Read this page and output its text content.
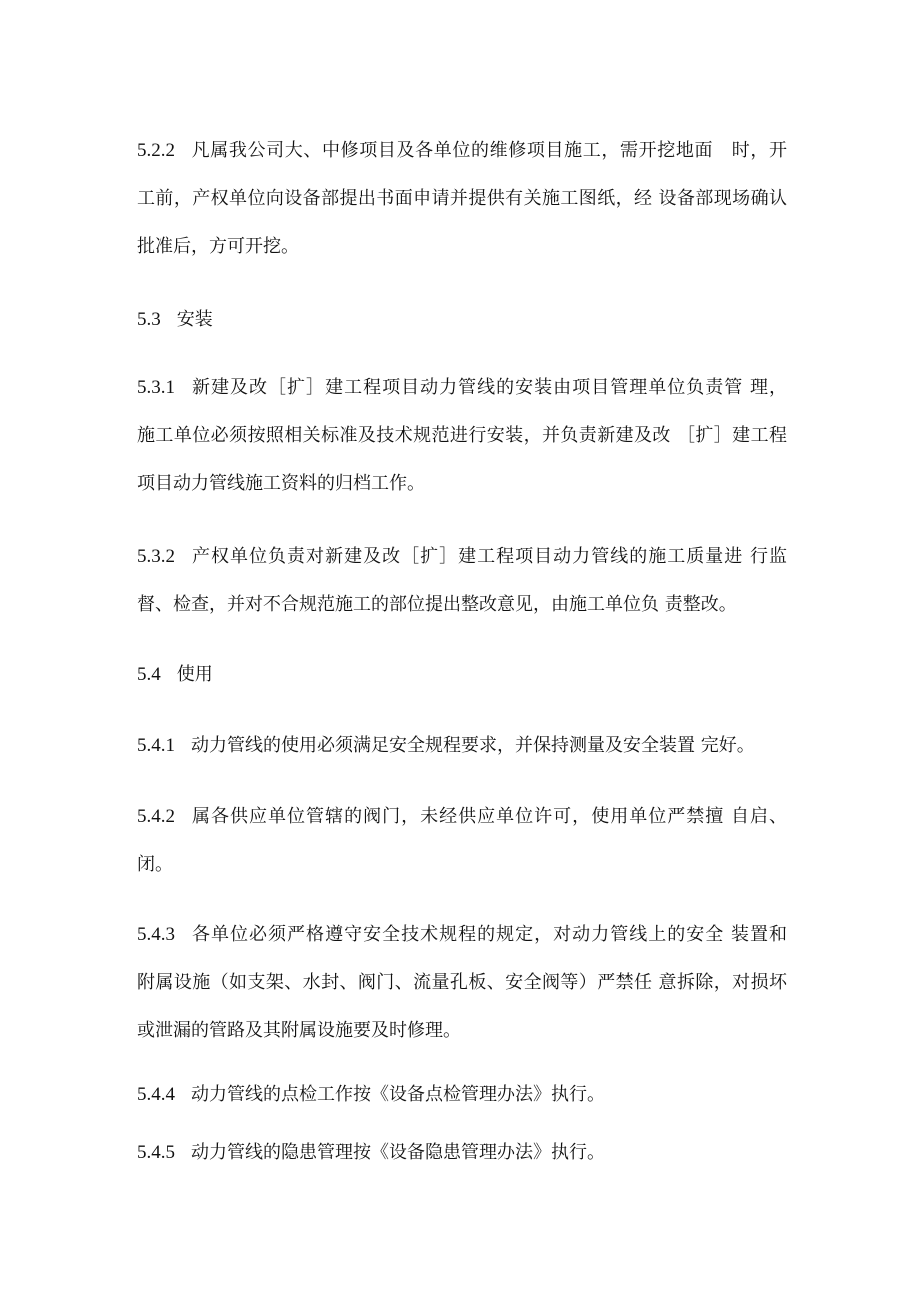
5.2.2 凡属我公司大、中修项目及各单位的维修项目施工，需开挖地面　时，开
工前，产权单位向设备部提出书面申请并提供有关施工图纸，经 设备部现场确认
批准后，方可开挖。
5.3 安装
5.3.1 新建及改［扩］建工程项目动力管线的安装由项目管理单位负责管 理，
施工单位必须按照相关标准及技术规范进行安装，并负责新建及改 ［扩］建工程
项目动力管线施工资料的归档工作。
5.3.2 产权单位负责对新建及改［扩］建工程项目动力管线的施工质量进 行监
督、检查，并对不合规范施工的部位提出整改意见，由施工单位负 责整改。
5.4 使用
5.4.1 动力管线的使用必须满足安全规程要求，并保持测量及安全装置 完好。
5.4.2 属各供应单位管辖的阀门，未经供应单位许可，使用单位严禁擅 自启、
闭。
5.4.3 各单位必须严格遵守安全技术规程的规定，对动力管线上的安全 装置和
附属设施（如支架、水封、阀门、流量孔板、安全阀等）严禁任 意拆除，对损坏
或泄漏的管路及其附属设施要及时修理。
5.4.4 动力管线的点检工作按《设备点检管理办法》执行。
5.4.5 动力管线的隐患管理按《设备隐患管理办法》执行。
